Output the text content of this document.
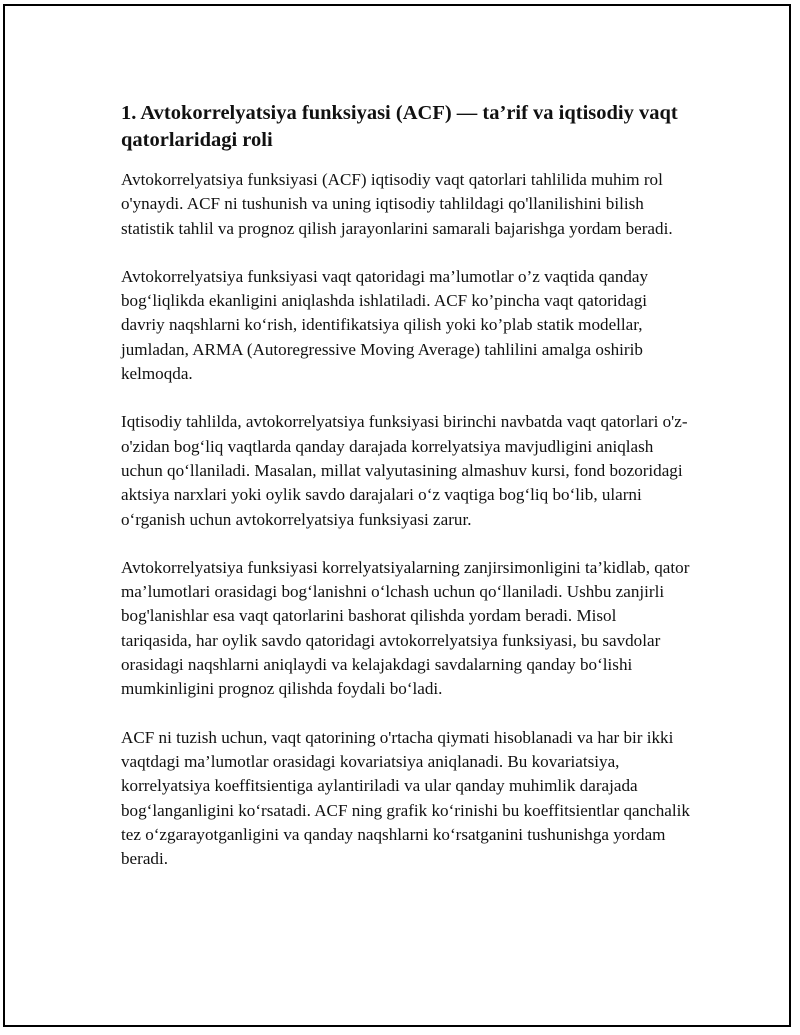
1. Avtokorrelyatsiya funksiyasi (ACF) — ta’rif va iqtisodiy vaqt qatorlaridagi roli

Avtokorrelyatsiya funksiyasi (ACF) iqtisodiy vaqt qatorlari tahlilida muhim rol o'ynaydi. ACF ni tushunish va uning iqtisodiy tahlildagi qo'llanilishini bilish statistik tahlil va prognoz qilish jarayonlarini samarali bajarishga yordam beradi.

Avtokorrelyatsiya funksiyasi vaqt qatoridagi ma’lumotlar o’z vaqtida qanday bog‘liqlikda ekanligini aniqlashda ishlatiladi. ACF ko’pincha vaqt qatoridagi davriy naqshlarni ko‘rish, identifikatsiya qilish yoki ko’plab statik modellar, jumladan, ARMA (Autoregressive Moving Average) tahlilini amalga oshirib kelmoqda.

Iqtisodiy tahlilda, avtokorrelyatsiya funksiyasi birinchi navbatda vaqt qatorlari o'z-o'zidan bog‘liq vaqtlarda qanday darajada korrelyatsiya mavjudligini aniqlash uchun qo‘llaniladi. Masalan, millat valyutasining almashuv kursi, fond bozoridagi aktsiya narxlari yoki oylik savdo darajalari o‘z vaqtiga bog‘liq bo‘lib, ularni o‘rganish uchun avtokorrelyatsiya funksiyasi zarur.

Avtokorrelyatsiya funksiyasi korrelyatsiyalarning zanjirsimonligini ta’kidlab, qator ma’lumotlari orasidagi bog‘lanishni o‘lchash uchun qo‘llaniladi. Ushbu zanjirli bog'lanishlar esa vaqt qatorlarini bashorat qilishda yordam beradi. Misol tariqasida, har oylik savdo qatoridagi avtokorrelyatsiya funksiyasi, bu savdolar orasidagi naqshlarni aniqlaydi va kelajakdagi savdalarning qanday bo‘lishi mumkinligini prognoz qilishda foydali bo‘ladi.

ACF ni tuzish uchun, vaqt qatorining o'rtacha qiymati hisoblanadi va har bir ikki vaqtdagi ma’lumotlar orasidagi kovariatsiya aniqlanadi. Bu kovariatsiya, korrelyatsiya koeffitsientiga aylantiriladi va ular qanday muhimlik darajada bog‘langanligini ko‘rsatadi. ACF ning grafik ko‘rinishi bu koeffitsientlar qanchalik tez o‘zgarayotganligini va qanday naqshlarni ko‘rsatganini tushunishga yordam beradi.
